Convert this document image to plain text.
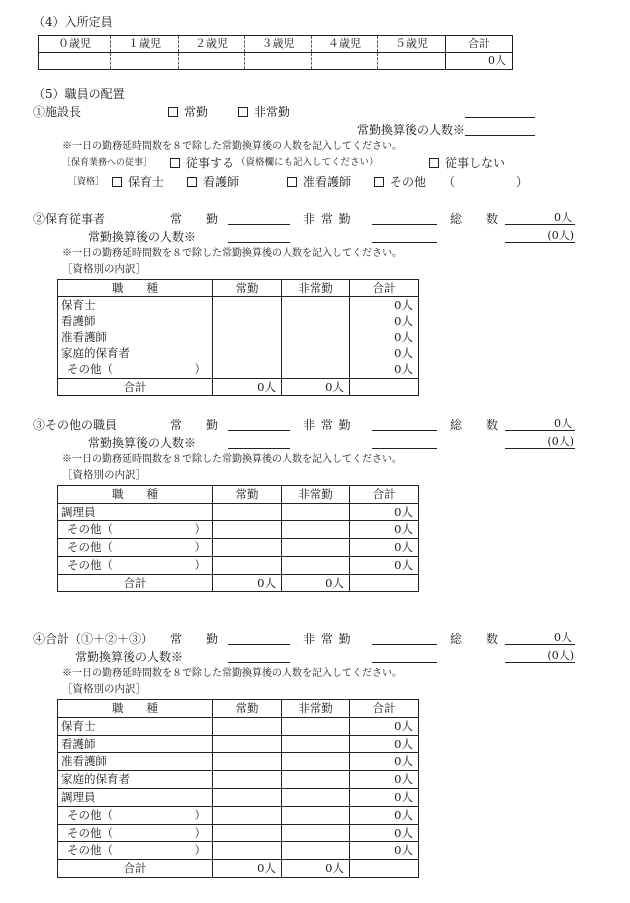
（4）入所定員
０歳児	１歳児	２歳児	３歳児	４歳児	５歳児	合計
						0人
（5）職員の配置
①施設長	常勤	非常勤
常勤換算後の人数※
※一日の勤務延時間数を８で除した常勤換算後の人数を記入してください。
［保育業務への従事］	従事する （資格欄にも記入してください）	従事しない
［資格］ 保育士	看護師	准看護師	その他 （	）
②保育従事者	常　　勤	非 常 勤	総　　数	0人
常勤換算後の人数※	(0人)
※一日の勤務延時間数を８で除した常勤換算後の人数を記入してください。
［資格別の内訳］
職　　種	常勤	非常勤	合計
保育士			0人
看護師			0人
准看護師			0人
家庭的保育者			0人
その他（ ）			0人
合計	0人	0人	
③その他の職員	常　　勤	非 常 勤	総　　数	0人
常勤換算後の人数※	(0人)
※一日の勤務延時間数を８で除した常勤換算後の人数を記入してください。
［資格別の内訳］
職　　種	常勤	非常勤	合計
調理員			0人
その他（ ）			0人
その他（ ）			0人
その他（ ）			0人
合計	0人	0人	
④合計（①＋②＋③） 常　　勤	非 常 勤	総　　数	0人
常勤換算後の人数※	(0人)
※一日の勤務延時間数を８で除した常勤換算後の人数を記入してください。
［資格別の内訳］
職　　種	常勤	非常勤	合計
保育士			0人
看護師			0人
准看護師			0人
家庭的保育者			0人
調理員			0人
その他（ ）			0人
その他（ ）			0人
その他（ ）			0人
合計	0人	0人	
